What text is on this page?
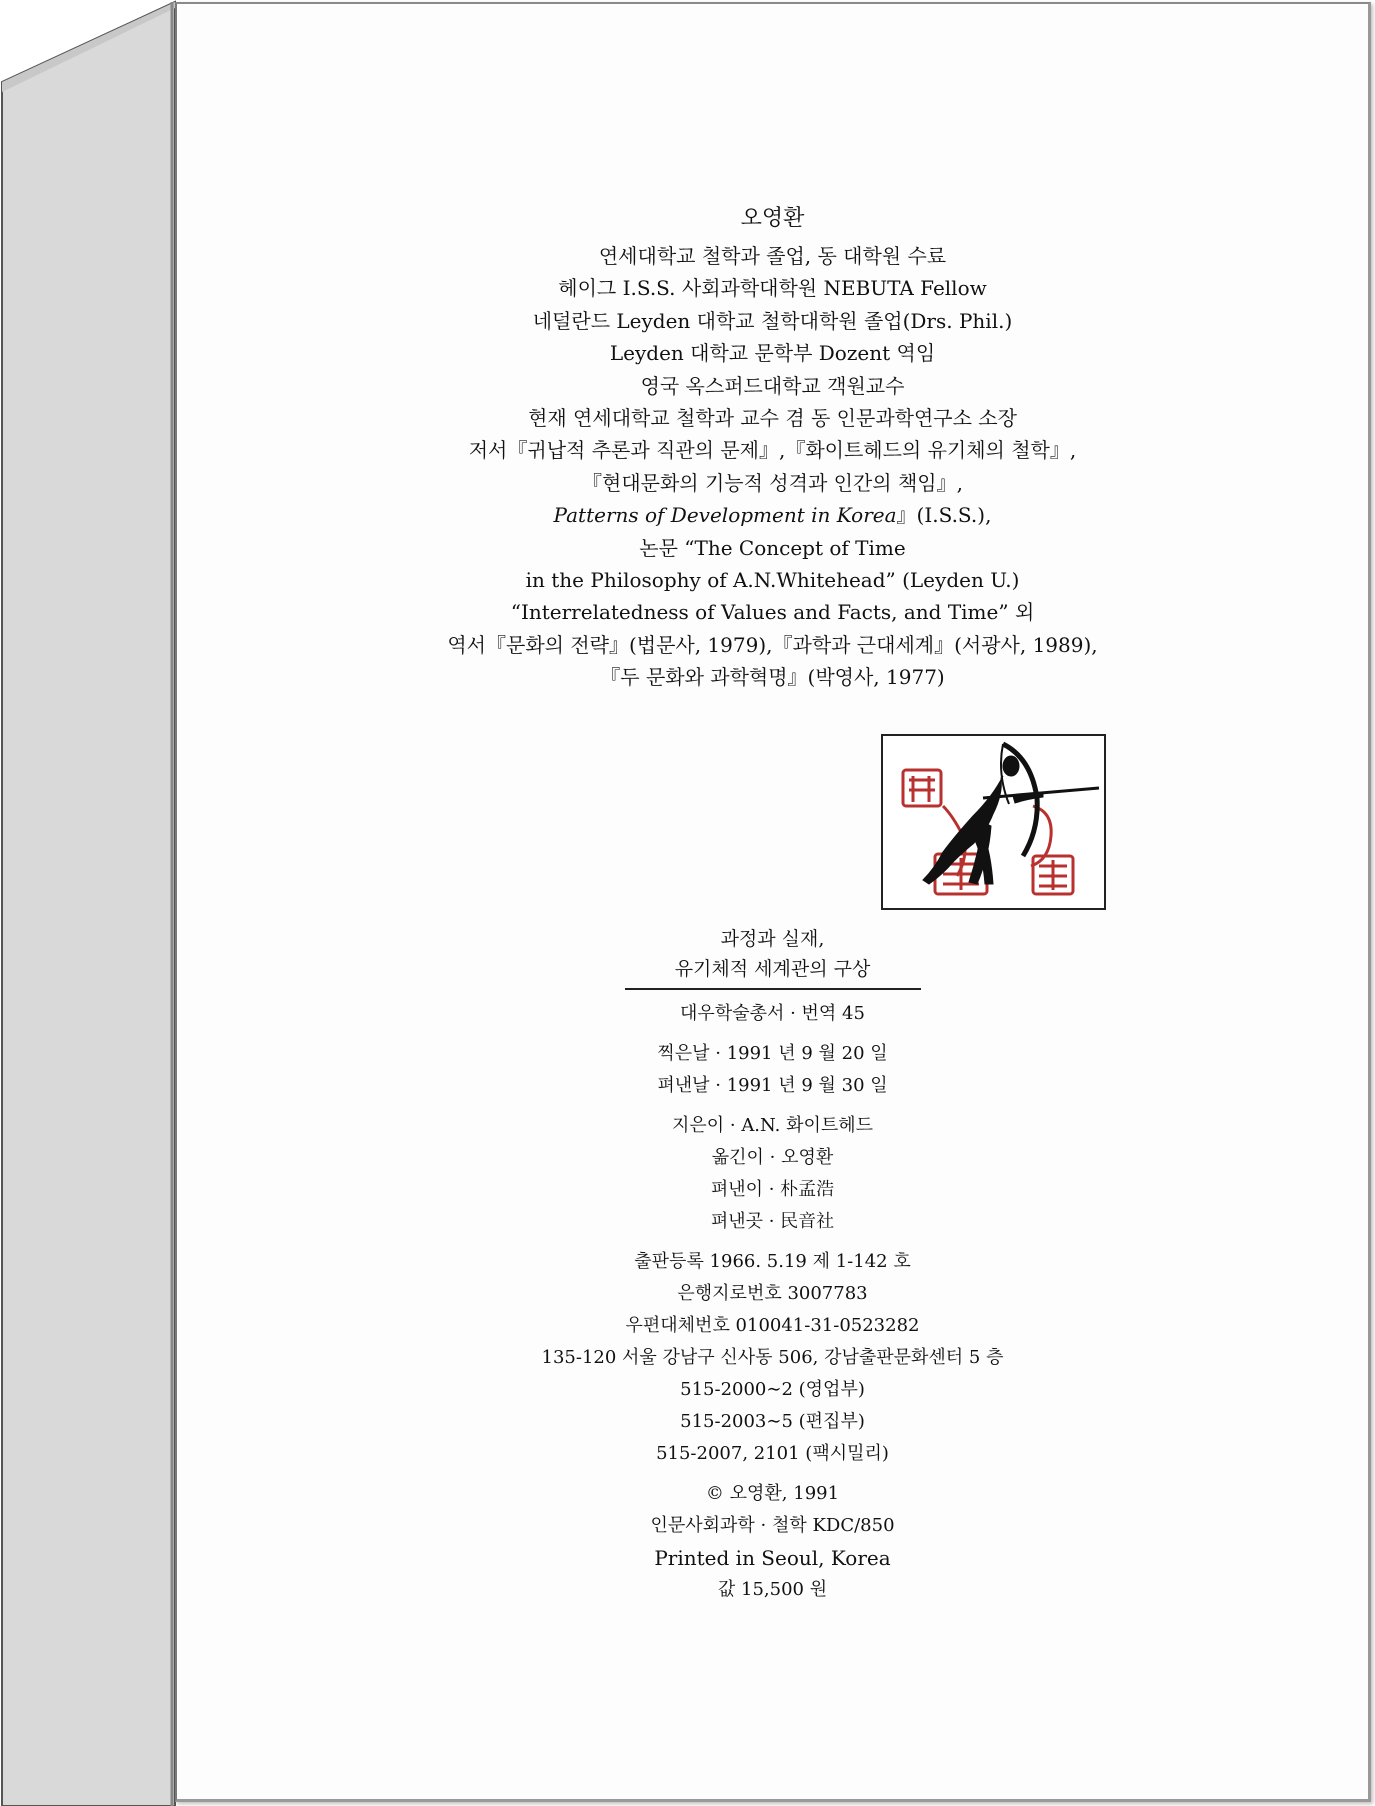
오영환
연세대학교 철학과 졸업, 동 대학원 수료
헤이그 I.S.S. 사회과학대학원 NEBUTA Fellow
네덜란드 Leyden 대학교 철학대학원 졸업(Drs. Phil.)
Leyden 대학교 문학부 Dozent 역임
영국 옥스퍼드대학교 객원교수
현재 연세대학교 철학과 교수 겸 동 인문과학연구소 소장
저서『귀납적 추론과 직관의 문제』,『화이트헤드의 유기체의 철학』,
『현대문화의 기능적 성격과 인간의 책임』,
Patterns of Development in Korea』(I.S.S.),
논문 “The Concept of Time
in the Philosophy of A.N.Whitehead” (Leyden U.)
“Interrelatedness of Values and Facts, and Time” 외
역서『문화의 전략』(법문사, 1979),『과학과 근대세계』(서광사, 1989),
『두 문화와 과학혁명』(박영사, 1977)
과정과 실재,
유기체적 세계관의 구상
대우학술총서 · 번역 45
찍은날 · 1991 년 9 월 20 일
펴낸날 · 1991 년 9 월 30 일
지은이 · A.N. 화이트헤드
옮긴이 · 오영환
펴낸이 · 朴孟浩
펴낸곳 · 民音社
출판등록 1966. 5.19 제 1-142 호
은행지로번호 3007783
우편대체번호 010041-31-0523282
135-120 서울 강남구 신사동 506, 강남출판문화센터 5 층
515-2000∼2 (영업부)
515-2003∼5 (편집부)
515-2007, 2101 (팩시밀리)
© 오영환, 1991
인문사회과학 · 철학 KDC/850
Printed in Seoul, Korea
값 15,500 원
